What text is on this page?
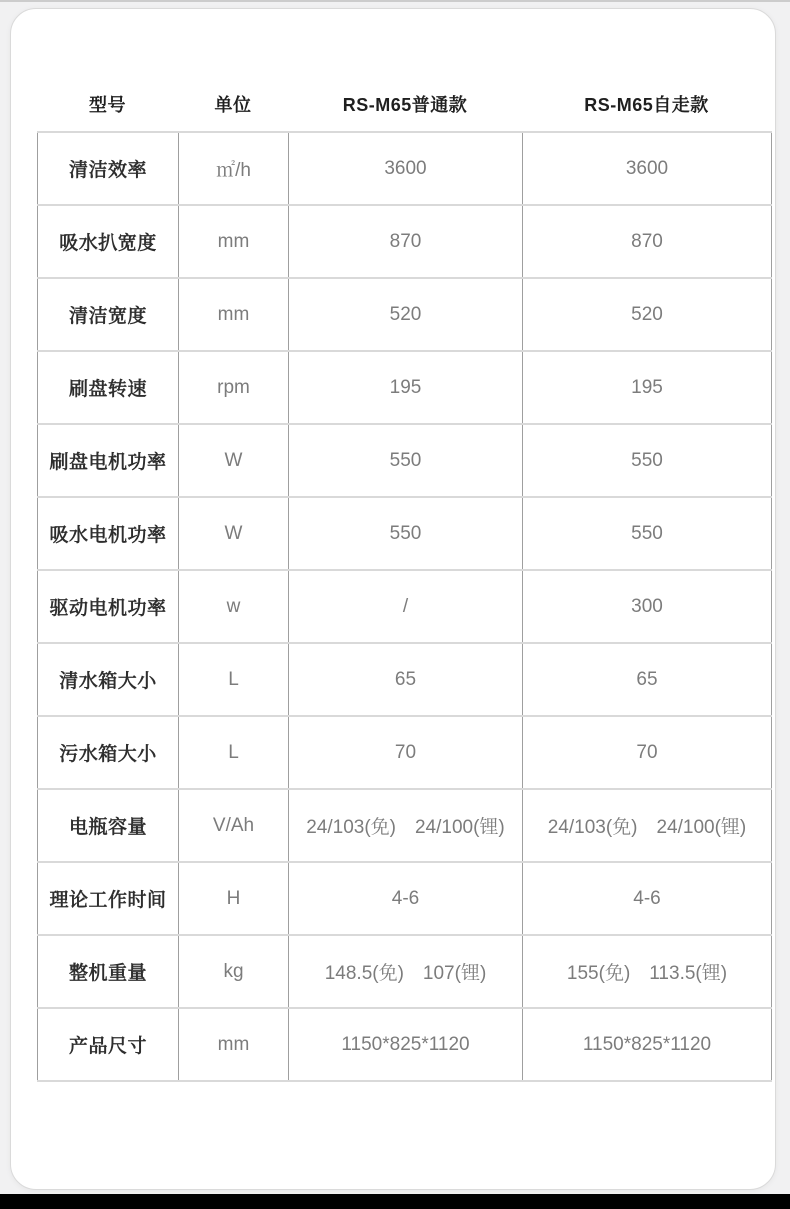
型号	单位	RS-M65普通款	RS-M65自走款
清洁效率	㎡/h	3600	3600
吸水扒宽度	mm	870	870
清洁宽度	mm	520	520
刷盘转速	rpm	195	195
刷盘电机功率	W	550	550
吸水电机功率	W	550	550
驱动电机功率	w	/	300
清水箱大小	L	65	65
污水箱大小	L	70	70
电瓶容量	V/Ah	24/103(免)　24/100(锂)	24/103(免)　24/100(锂)
理论工作时间	H	4-6	4-6
整机重量	kg	148.5(免)　107(锂)	155(免)　113.5(锂)
产品尺寸	mm	1150*825*1120	1150*825*1120
